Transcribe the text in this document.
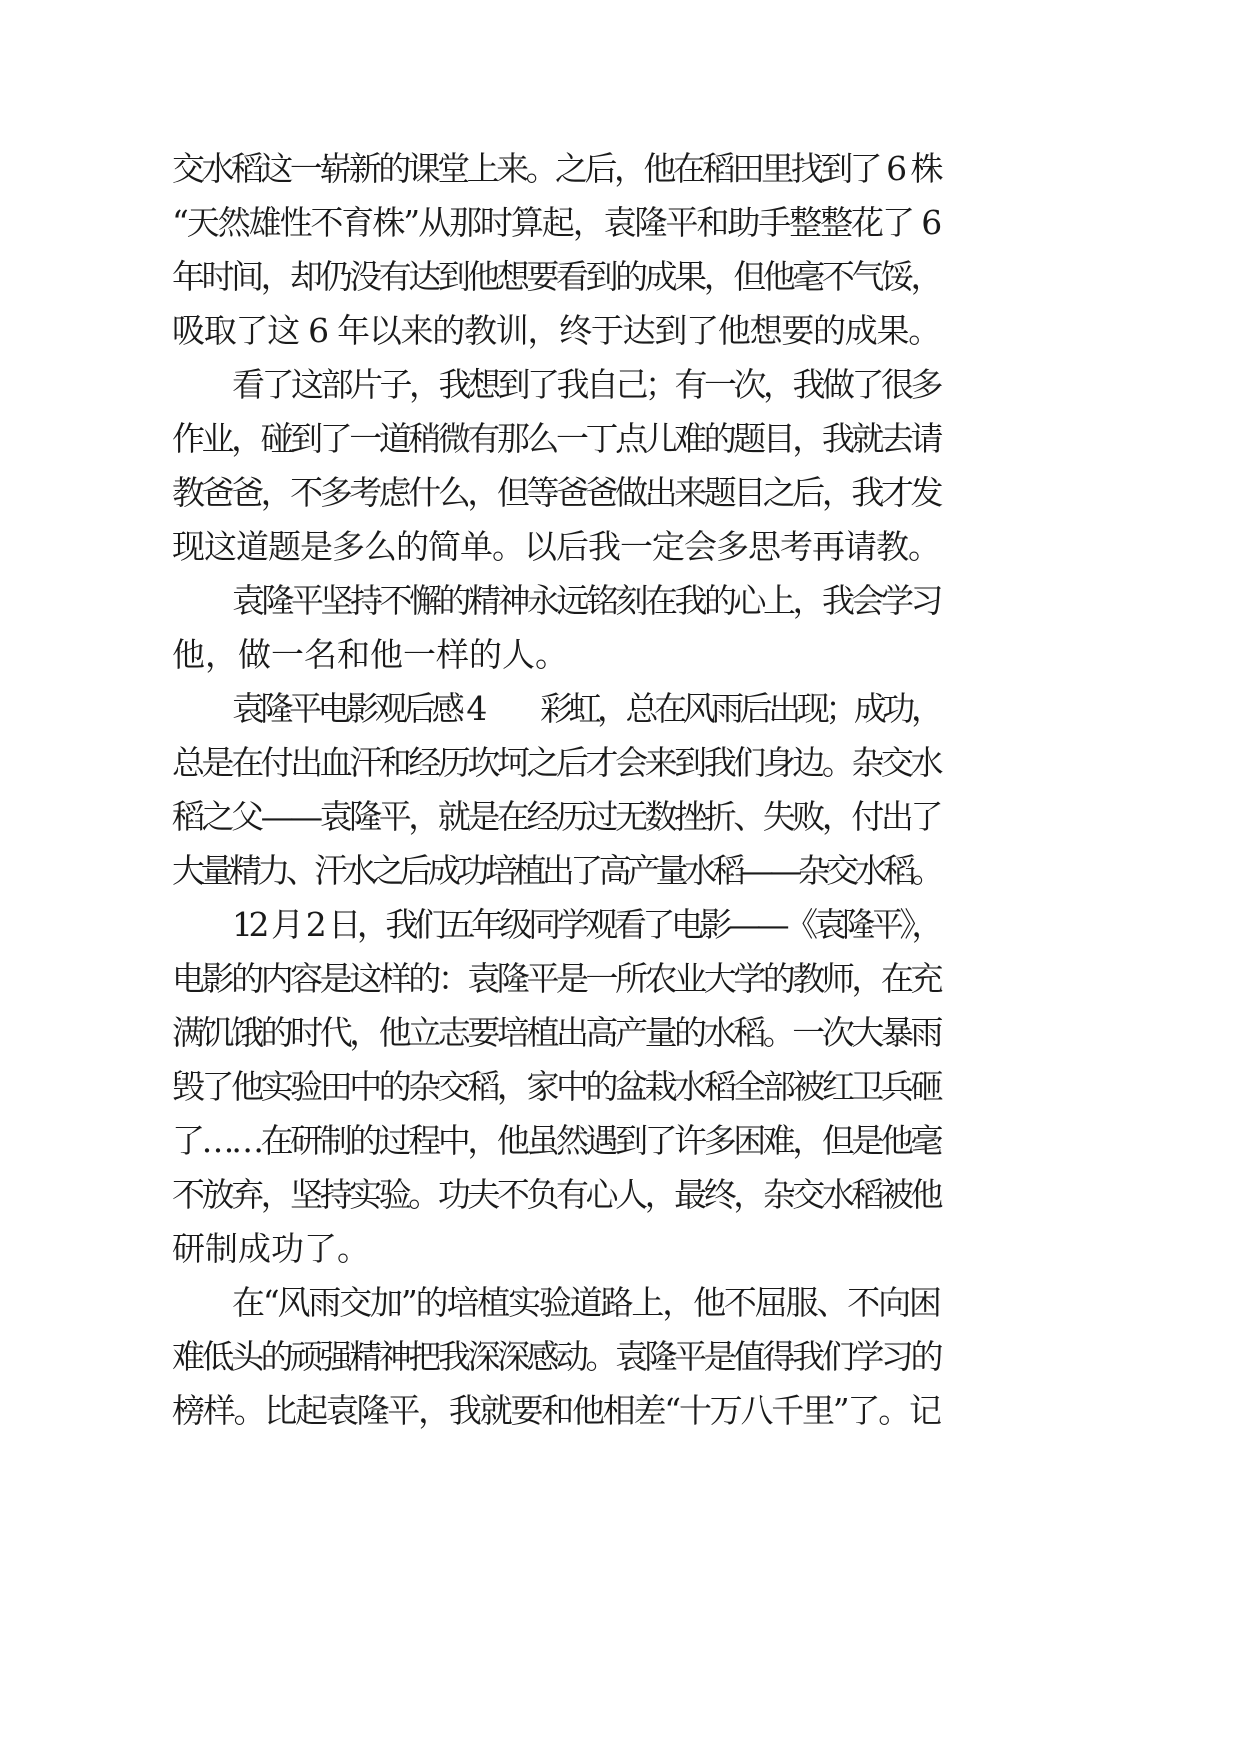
交水稻这一崭新的课堂上来。之后，他在稻田里找到了 6 株
“天然雄性不育株”从那时算起，袁隆平和助手整整花了 6
年时间，却仍没有达到他想要看到的成果，但他毫不气馁，
吸取了这 6 年以来的教训，终于达到了他想要的成果。
看了这部片子，我想到了我自己；有一次，我做了很多
作业，碰到了一道稍微有那么一丁点儿难的题目，我就去请
教爸爸，不多考虑什么，但等爸爸做出来题目之后，我才发
现这道题是多么的简单。以后我一定会多思考再请教。
袁隆平坚持不懈的精神永远铭刻在我的心上，我会学习
他，做一名和他一样的人。
袁隆平电影观后感 4　　彩虹，总在风雨后出现；成功，
总是在付出血汗和经历坎坷之后才会来到我们身边。杂交水
稻之父——袁隆平，就是在经历过无数挫折、失败，付出了
大量精力、汗水之后成功培植出了高产量水稻——杂交水稻。
12 月 2 日，我们五年级同学观看了电影——《袁隆平》，
电影的内容是这样的：袁隆平是一所农业大学的教师，在充
满饥饿的时代，他立志要培植出高产量的水稻。一次大暴雨
毁了他实验田中的杂交稻，家中的盆栽水稻全部被红卫兵砸
了……在研制的过程中，他虽然遇到了许多困难，但是他毫
不放弃，坚持实验。功夫不负有心人，最终，杂交水稻被他
研制成功了。
在“风雨交加”的培植实验道路上，他不屈服、不向困
难低头的顽强精神把我深深感动。袁隆平是值得我们学习的
榜样。比起袁隆平，我就要和他相差“十万八千里”了。记
